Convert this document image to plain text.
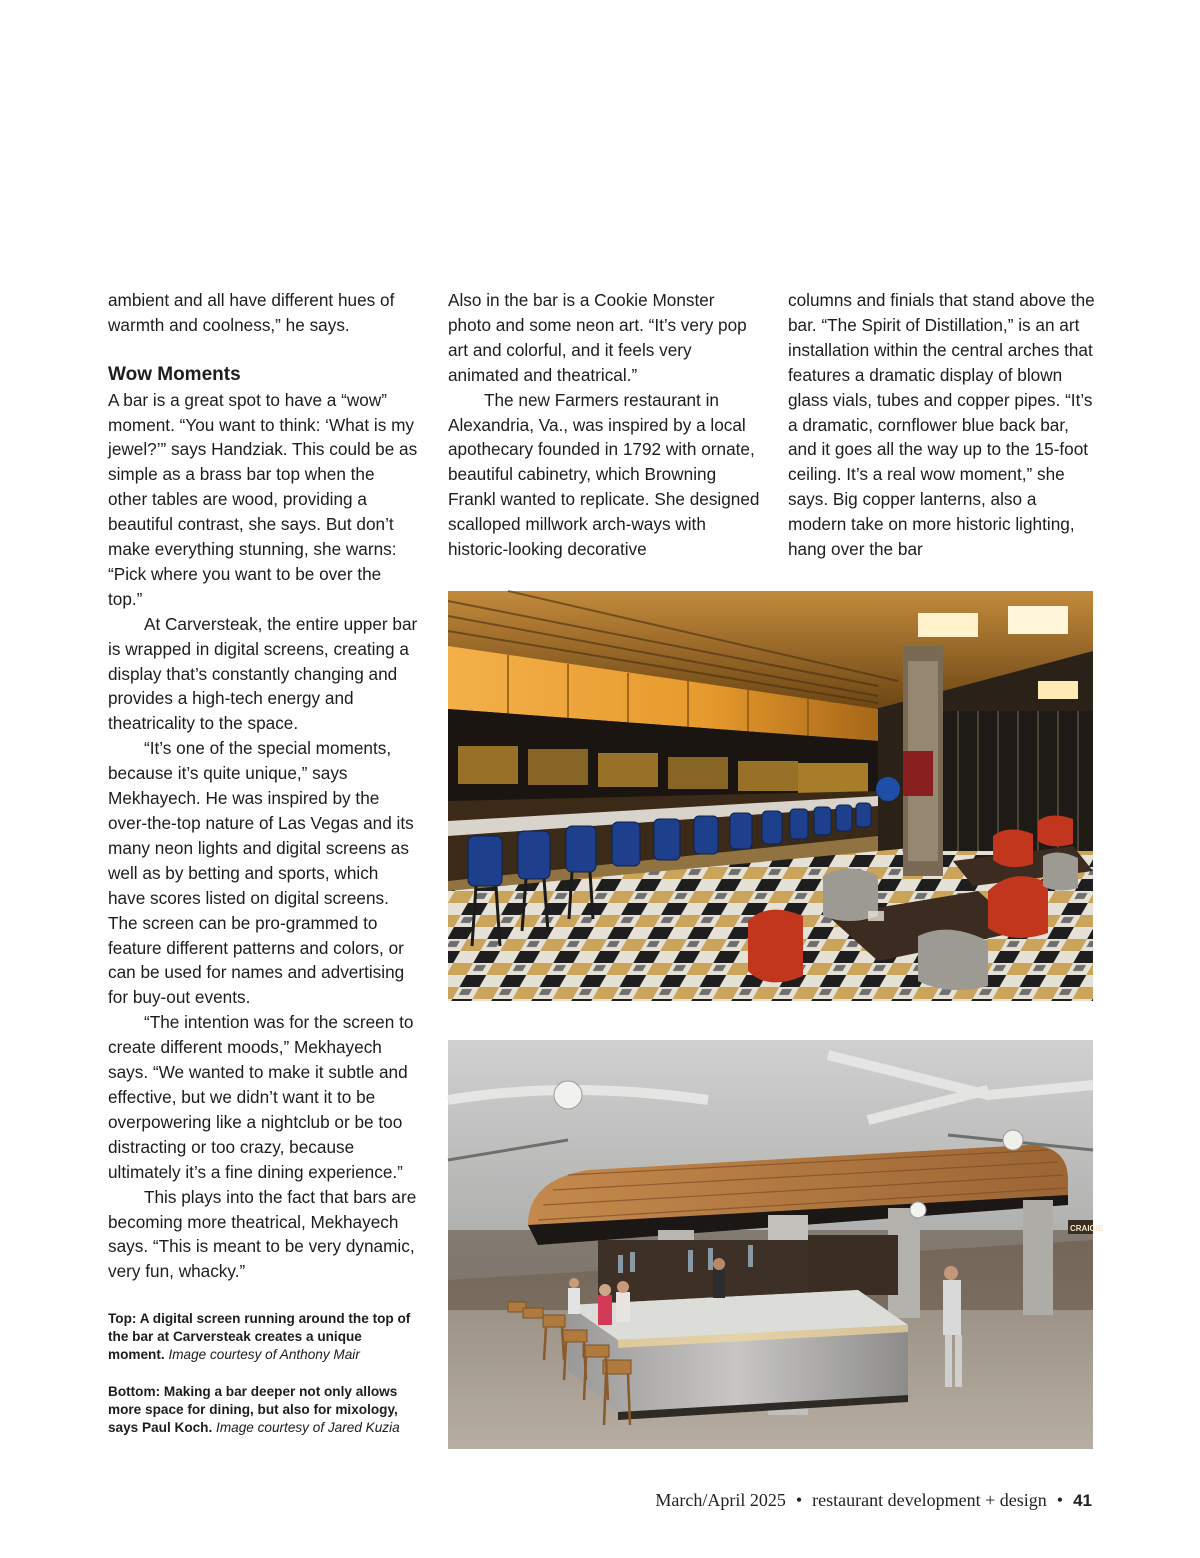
ambient and all have different hues of warmth and coolness,” he says.

Wow Moments

A bar is a great spot to have a “wow” moment. “You want to think: ‘What is my jewel?’” says Handziak. This could be as simple as a brass bar top when the other tables are wood, providing a beautiful contrast, she says. But don’t make everything stunning, she warns: “Pick where you want to be over the top.”

At Carversteak, the entire upper bar is wrapped in digital screens, creating a display that’s constantly changing and provides a high-tech energy and theatricality to the space.

“It’s one of the special moments, because it’s quite unique,” says Mekhayech. He was inspired by the over-the-top nature of Las Vegas and its many neon lights and digital screens as well as by betting and sports, which have scores listed on digital screens. The screen can be pro-grammed to feature different patterns and colors, or can be used for names and advertising for buy-out events.

“The intention was for the screen to create different moods,” Mekhayech says. “We wanted to make it subtle and effective, but we didn’t want it to be overpowering like a nightclub or be too distracting or too crazy, because ultimately it’s a fine dining experience.”

This plays into the fact that bars are becoming more theatrical, Mekhayech says. “This is meant to be very dynamic, very fun, whacky.”

Also in the bar is a Cookie Monster photo and some neon art. “It’s very pop art and colorful, and it feels very animated and theatrical.”

The new Farmers restaurant in Alexandria, Va., was inspired by a local apothecary founded in 1792 with ornate, beautiful cabinetry, which Browning Frankl wanted to replicate. She designed scalloped millwork arch-ways with historic-looking decorative

columns and finials that stand above the bar. “The Spirit of Distillation,” is an art installation within the central arches that features a dramatic display of blown glass vials, tubes and copper pipes. “It’s a dramatic, cornflower blue back bar, and it goes all the way up to the 15-foot ceiling. It’s a real wow moment,” she says. Big copper lanterns, also a modern take on more historic lighting, hang over the bar

Top: A digital screen running around the top of the bar at Carversteak creates a unique moment. Image courtesy of Anthony Mair

Bottom: Making a bar deeper not only allows more space for dining, but also for mixology, says Paul Koch. Image courtesy of Jared Kuzia

CRAIGIE
March/April 2025 • restaurant development + design • 41
